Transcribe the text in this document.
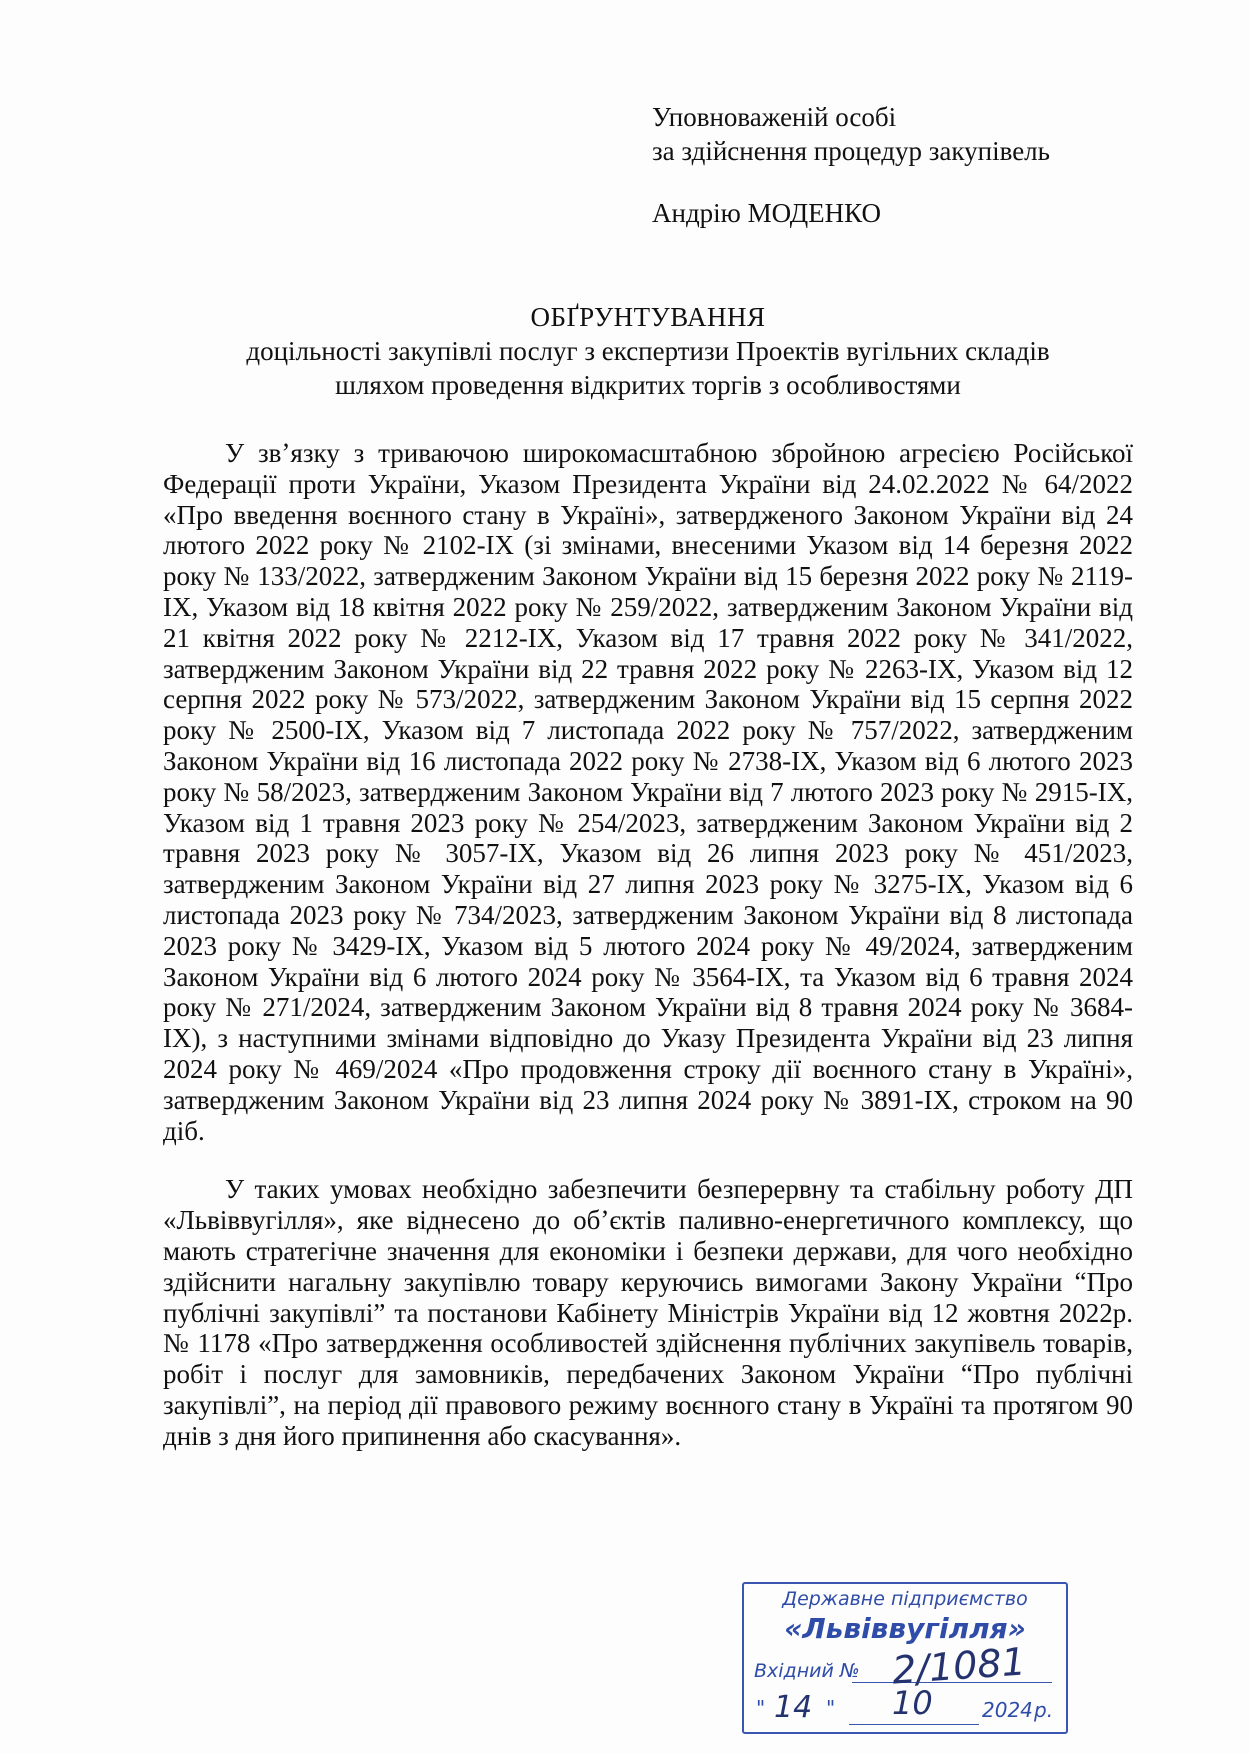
Уповноваженій особі
за здійснення процедур закупівель
Андрію МОДЕНКО
ОБҐРУНТУВАННЯ
доцільності закупівлі послуг з експертизи Проектів вугільних складів
шляхом проведення відкритих торгів з особливостями

У звʼязку з триваючою широкомасштабною збройною агресією Російської Федерації проти України, Указом Президента України від 24.02.2022 № 64/2022 «Про введення воєнного стану в Україні», затвердженого Законом України від 24 лютого 2022 року № 2102-IX (зі змінами, внесеними Указом від 14 березня 2022 року № 133/2022, затвердженим Законом України від 15 березня 2022 року № 2119-IX, Указом від 18 квітня 2022 року № 259/2022, затвердженим Законом України від 21 квітня 2022 року № 2212-IX, Указом від 17 травня 2022 року № 341/2022, затвердженим Законом України від 22 травня 2022 року № 2263-IX, Указом від 12 серпня 2022 року № 573/2022, затвердженим Законом України від 15 серпня 2022 року № 2500-IX, Указом від 7 листопада 2022 року № 757/2022, затвердженим Законом України від 16 листопада 2022 року № 2738-IX, Указом від 6 лютого 2023 року № 58/2023, затвердженим Законом України від 7 лютого 2023 року № 2915-IX, Указом від 1 травня 2023 року № 254/2023, затвердженим Законом України від 2 травня 2023 року № 3057-IX, Указом від 26 липня 2023 року № 451/2023, затвердженим Законом України від 27 липня 2023 року № 3275-IX, Указом від 6 листопада 2023 року № 734/2023, затвердженим Законом України від 8 листопада 2023 року № 3429-IX, Указом від 5 лютого 2024 року № 49/2024, затвердженим Законом України від 6 лютого 2024 року № 3564-IX, та Указом від 6 травня 2024 року № 271/2024, затвердженим Законом України від 8 травня 2024 року № 3684-IX), з наступними змінами відповідно до Указу Президента України від 23 липня 2024 року № 469/2024 «Про продовження строку дії воєнного стану в Україні», затвердженим Законом України від 23 липня 2024 року № 3891-IX, строком на 90 діб.

У таких умовах необхідно забезпечити безперервну та стабільну роботу ДП «Львіввугілля», яке віднесено до обʼєктів паливно-енергетичного комплексу, що мають стратегічне значення для економіки і безпеки держави, для чого необхідно здійснити нагальну закупівлю товару керуючись вимогами Закону України “Про публічні закупівлі” та постанови Кабінету Міністрів України від 12 жовтня 2022р. № 1178 «Про затвердження особливостей здійснення публічних закупівель товарів, робіт і послуг для замовників, передбачених Законом України “Про публічні закупівлі”, на період дії правового режиму воєнного стану в Україні та протягом 90 днів з дня його припинення або скасування».

Державне підприємство
«Львіввугілля»
Вхідний № 2/1081
" 14 " 10 2024 р.
